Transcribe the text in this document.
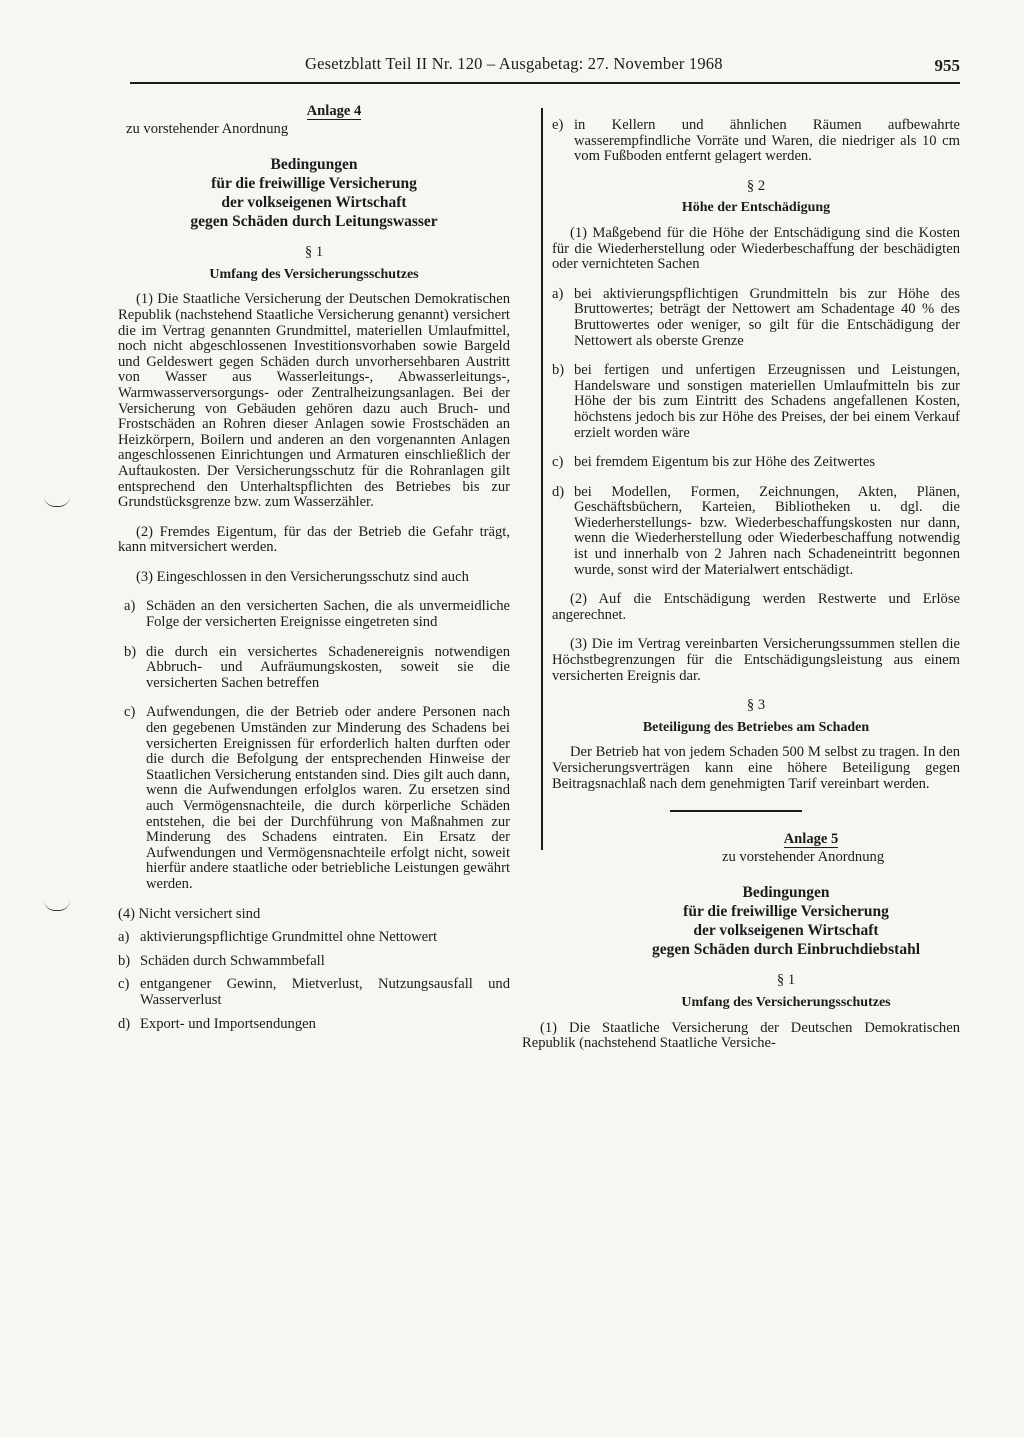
Gesetzblatt Teil II Nr. 120 – Ausgabetag: 27. November 1968	955

Anlage 4

zu vorstehender Anordnung

Bedingungen
für die freiwillige Versicherung
der volkseigenen Wirtschaft
gegen Schäden durch Leitungswasser
§ 1
Umfang des Versicherungsschutzes

(1) Die Staatliche Versicherung der Deutschen Demokratischen Republik (nachstehend Staatliche Versicherung genannt) versichert die im Vertrag genannten Grundmittel, materiellen Umlaufmittel, noch nicht abgeschlossenen Investitionsvorhaben sowie Bargeld und Geldeswert gegen Schäden durch unvorhersehbaren Austritt von Wasser aus Wasserleitungs-, Abwasserleitungs-, Warmwasserversorgungs- oder Zentralheizungsanlagen. Bei der Versicherung von Gebäuden gehören dazu auch Bruch- und Frostschäden an Rohren dieser Anlagen sowie Frostschäden an Heizkörpern, Boilern und anderen an den vorgenannten Anlagen angeschlossenen Einrichtungen und Armaturen einschließlich der Auftaukosten. Der Versicherungsschutz für die Rohranlagen gilt entsprechend den Unterhaltspflichten des Betriebes bis zur Grundstücksgrenze bzw. zum Wasserzähler.

(2) Fremdes Eigentum, für das der Betrieb die Gefahr trägt, kann mitversichert werden.

(3) Eingeschlossen in den Versicherungsschutz sind auch

a) Schäden an den versicherten Sachen, die als unvermeidliche Folge der versicherten Ereignisse eingetreten sind
b) die durch ein versichertes Schadenereignis notwendigen Abbruch- und Aufräumungskosten, soweit sie die versicherten Sachen betreffen
c) Aufwendungen, die der Betrieb oder andere Personen nach den gegebenen Umständen zur Minderung des Schadens bei versicherten Ereignissen für erforderlich halten durften oder die durch die Befolgung der entsprechenden Hinweise der Staatlichen Versicherung entstanden sind. Dies gilt auch dann, wenn die Aufwendungen erfolglos waren. Zu ersetzen sind auch Vermögensnachteile, die durch körperliche Schäden entstehen, die bei der Durchführung von Maßnahmen zur Minderung des Schadens eintraten. Ein Ersatz der Aufwendungen und Vermögensnachteile erfolgt nicht, soweit hierfür andere staatliche oder betriebliche Leistungen gewährt werden.

(4) Nicht versichert sind

a) aktivierungspflichtige Grundmittel ohne Nettowert
b) Schäden durch Schwammbefall
c) entgangener Gewinn, Mietverlust, Nutzungsausfall und Wasserverlust
d) Export- und Importsendungen
e) in Kellern und ähnlichen Räumen aufbewahrte wasserempfindliche Vorräte und Waren, die niedriger als 10 cm vom Fußboden entfernt gelagert werden.
§ 2
Höhe der Entschädigung

(1) Maßgebend für die Höhe der Entschädigung sind die Kosten für die Wiederherstellung oder Wiederbeschaffung der beschädigten oder vernichteten Sachen

a) bei aktivierungspflichtigen Grundmitteln bis zur Höhe des Bruttowertes; beträgt der Nettowert am Schadentage 40 % des Bruttowertes oder weniger, so gilt für die Entschädigung der Nettowert als oberste Grenze
b) bei fertigen und unfertigen Erzeugnissen und Leistungen, Handelsware und sonstigen materiellen Umlaufmitteln bis zur Höhe der bis zum Eintritt des Schadens angefallenen Kosten, höchstens jedoch bis zur Höhe des Preises, der bei einem Verkauf erzielt worden wäre
c) bei fremdem Eigentum bis zur Höhe des Zeitwertes
d) bei Modellen, Formen, Zeichnungen, Akten, Plänen, Geschäftsbüchern, Karteien, Bibliotheken u. dgl. die Wiederherstellungs- bzw. Wiederbeschaffungskosten nur dann, wenn die Wiederherstellung oder Wiederbeschaffung notwendig ist und innerhalb von 2 Jahren nach Schadeneintritt begonnen wurde, sonst wird der Materialwert entschädigt.

(2) Auf die Entschädigung werden Restwerte und Erlöse angerechnet.

(3) Die im Vertrag vereinbarten Versicherungssummen stellen die Höchstbegrenzungen für die Entschädigungsleistung aus einem versicherten Ereignis dar.

§ 3
Beteiligung des Betriebes am Schaden

Der Betrieb hat von jedem Schaden 500 M selbst zu tragen. In den Versicherungsverträgen kann eine höhere Beteiligung gegen Beitragsnachlaß nach dem genehmigten Tarif vereinbart werden.

Anlage 5

zu vorstehender Anordnung

Bedingungen
für die freiwillige Versicherung
der volkseigenen Wirtschaft
gegen Schäden durch Einbruchdiebstahl
§ 1
Umfang des Versicherungsschutzes

(1) Die Staatliche Versicherung der Deutschen Demokratischen Republik (nachstehend Staatliche Versiche-
